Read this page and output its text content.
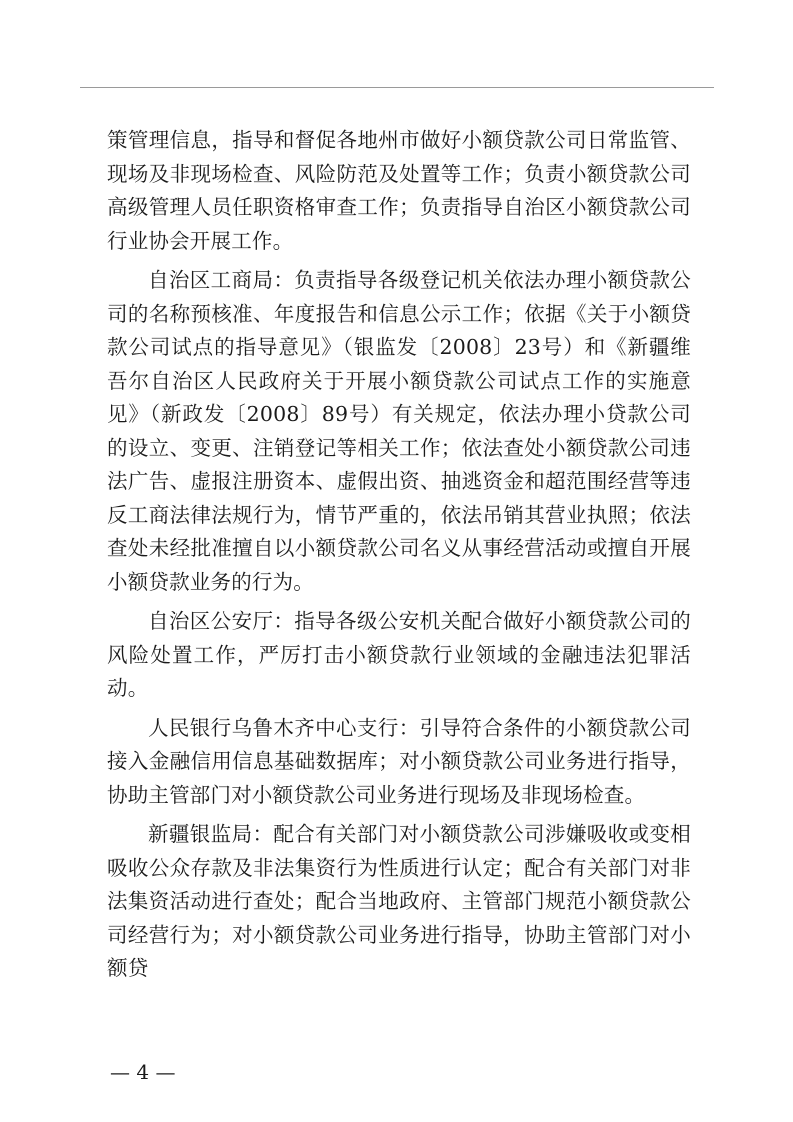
策管理信息，指导和督促各地州市做好小额贷款公司日常监管、现场及非现场检查、风险防范及处置等工作；负责小额贷款公司高级管理人员任职资格审查工作；负责指导自治区小额贷款公司行业协会开展工作。

自治区工商局：负责指导各级登记机关依法办理小额贷款公司的名称预核准、年度报告和信息公示工作；依据《关于小额贷款公司试点的指导意见》（银监发〔2008〕23号）和《新疆维吾尔自治区人民政府关于开展小额贷款公司试点工作的实施意见》（新政发〔2008〕89号）有关规定，依法办理小贷款公司的设立、变更、注销登记等相关工作；依法查处小额贷款公司违法广告、虚报注册资本、虚假出资、抽逃资金和超范围经营等违反工商法律法规行为，情节严重的，依法吊销其营业执照；依法查处未经批准擅自以小额贷款公司名义从事经营活动或擅自开展小额贷款业务的行为。

自治区公安厅：指导各级公安机关配合做好小额贷款公司的风险处置工作，严厉打击小额贷款行业领域的金融违法犯罪活动。

人民银行乌鲁木齐中心支行：引导符合条件的小额贷款公司接入金融信用信息基础数据库；对小额贷款公司业务进行指导，协助主管部门对小额贷款公司业务进行现场及非现场检查。

新疆银监局：配合有关部门对小额贷款公司涉嫌吸收或变相吸收公众存款及非法集资行为性质进行认定；配合有关部门对非法集资活动进行查处；配合当地政府、主管部门规范小额贷款公司经营行为；对小额贷款公司业务进行指导，协助主管部门对小额贷

— 4 —
